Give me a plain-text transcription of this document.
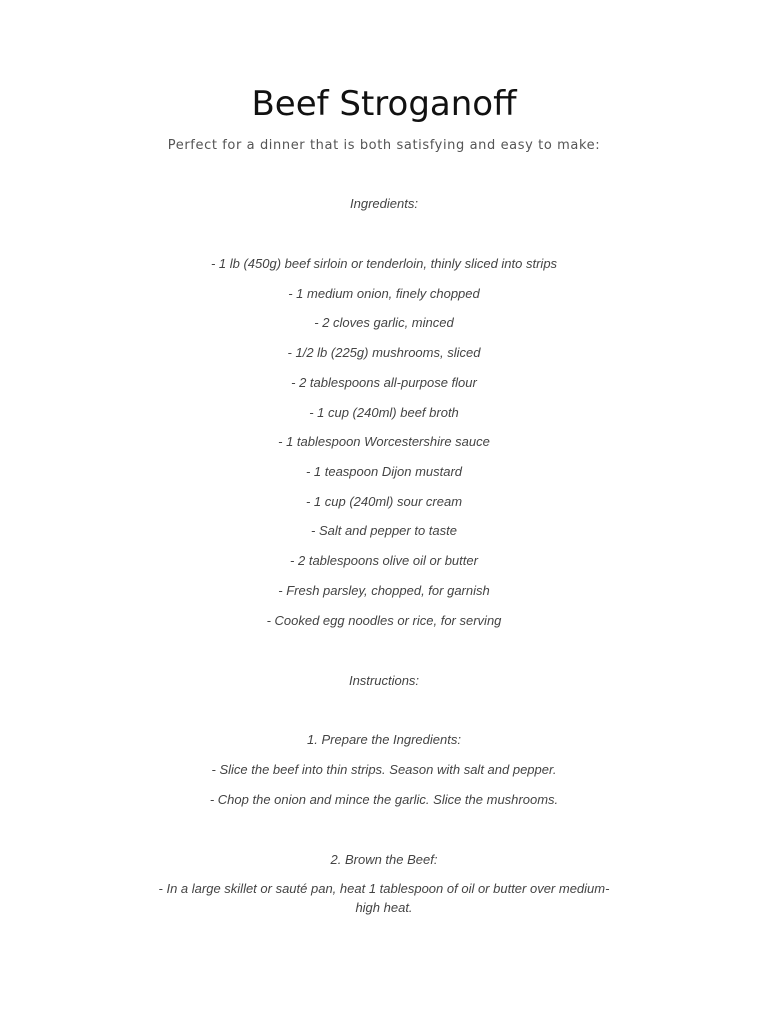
Beef Stroganoff
Perfect for a dinner that is both satisfying and easy to make:
Ingredients:
- 1 lb (450g) beef sirloin or tenderloin, thinly sliced into strips
- 1 medium onion, finely chopped
- 2 cloves garlic, minced
- 1/2 lb (225g) mushrooms, sliced
- 2 tablespoons all-purpose flour
- 1 cup (240ml) beef broth
- 1 tablespoon Worcestershire sauce
- 1 teaspoon Dijon mustard
- 1 cup (240ml) sour cream
- Salt and pepper to taste
- 2 tablespoons olive oil or butter
- Fresh parsley, chopped, for garnish
- Cooked egg noodles or rice, for serving
Instructions:
1. Prepare the Ingredients:
- Slice the beef into thin strips. Season with salt and pepper.
- Chop the onion and mince the garlic. Slice the mushrooms.
2. Brown the Beef:
- In a large skillet or sauté pan, heat 1 tablespoon of oil or butter over medium-high heat.
